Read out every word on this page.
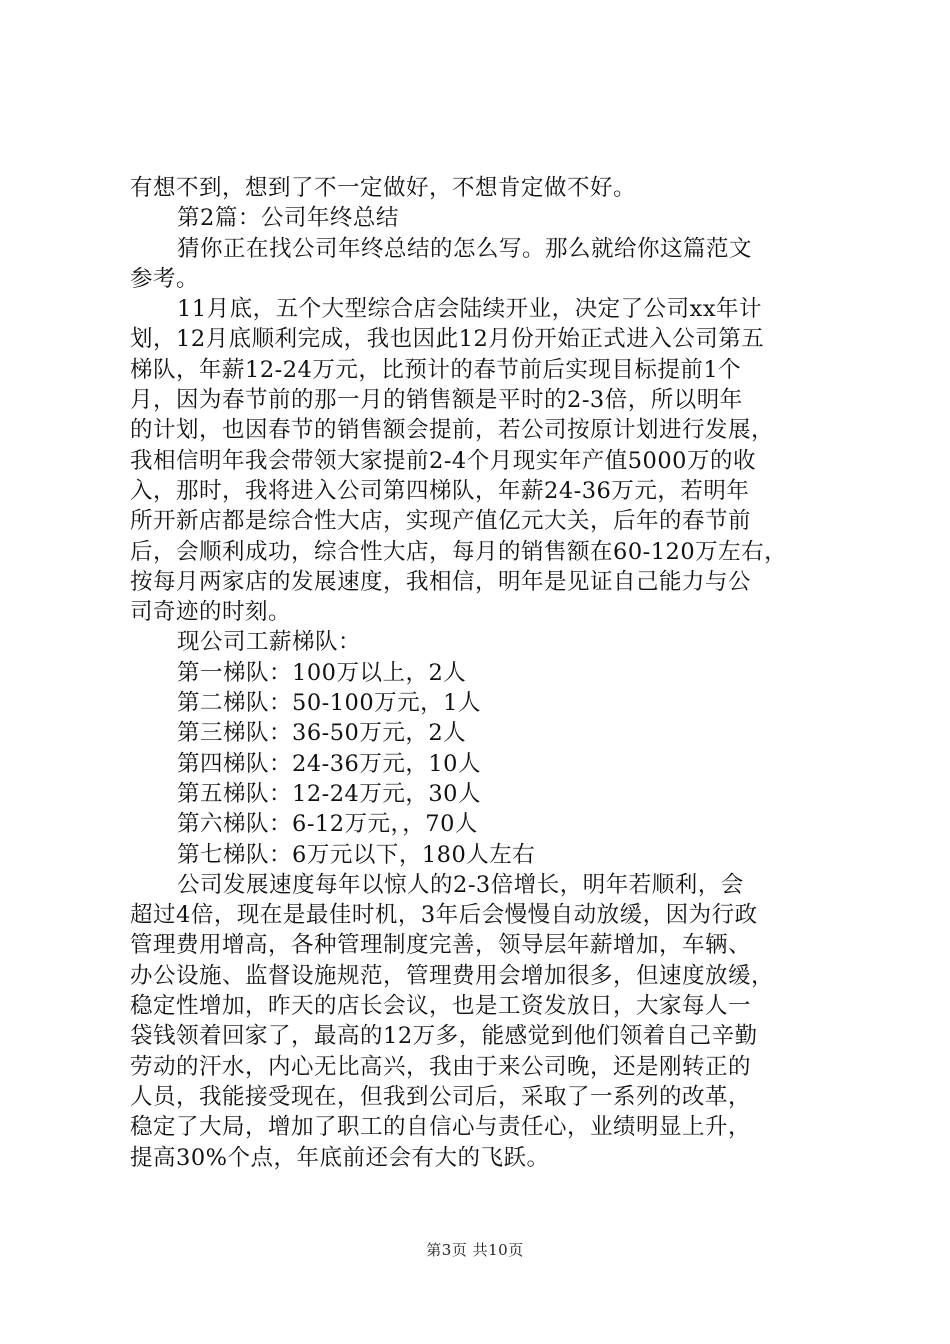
有想不到，想到了不一定做好，不想肯定做不好。
第2篇：公司年终总结
猜你正在找公司年终总结的怎么写。那么就给你这篇范文
参考。
11月底，五个大型综合店会陆续开业，决定了公司xx年计
划，12月底顺利完成，我也因此12月份开始正式进入公司第五
梯队，年薪12-24万元，比预计的春节前后实现目标提前1个
月，因为春节前的那一月的销售额是平时的2-3倍，所以明年
的计划，也因春节的销售额会提前，若公司按原计划进行发展，
我相信明年我会带领大家提前2-4个月现实年产值5000万的收
入，那时，我将进入公司第四梯队，年薪24-36万元，若明年
所开新店都是综合性大店，实现产值亿元大关，后年的春节前
后，会顺利成功，综合性大店，每月的销售额在60-120万左右，
按每月两家店的发展速度，我相信，明年是见证自己能力与公
司奇迹的时刻。
现公司工薪梯队：
第一梯队：100万以上，2人
第二梯队：50-100万元，1人
第三梯队：36-50万元，2人
第四梯队：24-36万元，10人
第五梯队：12-24万元，30人
第六梯队：6-12万元，，70人
第七梯队：6万元以下，180人左右
公司发展速度每年以惊人的2-3倍增长，明年若顺利，会
超过4倍，现在是最佳时机，3年后会慢慢自动放缓，因为行政
管理费用增高，各种管理制度完善，领导层年薪增加，车辆、
办公设施、监督设施规范，管理费用会增加很多，但速度放缓，
稳定性增加，昨天的店长会议，也是工资发放日，大家每人一
袋钱领着回家了，最高的12万多，能感觉到他们领着自己辛勤
劳动的汗水，内心无比高兴，我由于来公司晚，还是刚转正的
人员，我能接受现在，但我到公司后，采取了一系列的改革，
稳定了大局，增加了职工的自信心与责任心，业绩明显上升，
提高30%个点，年底前还会有大的飞跃。
第3页 共10页
